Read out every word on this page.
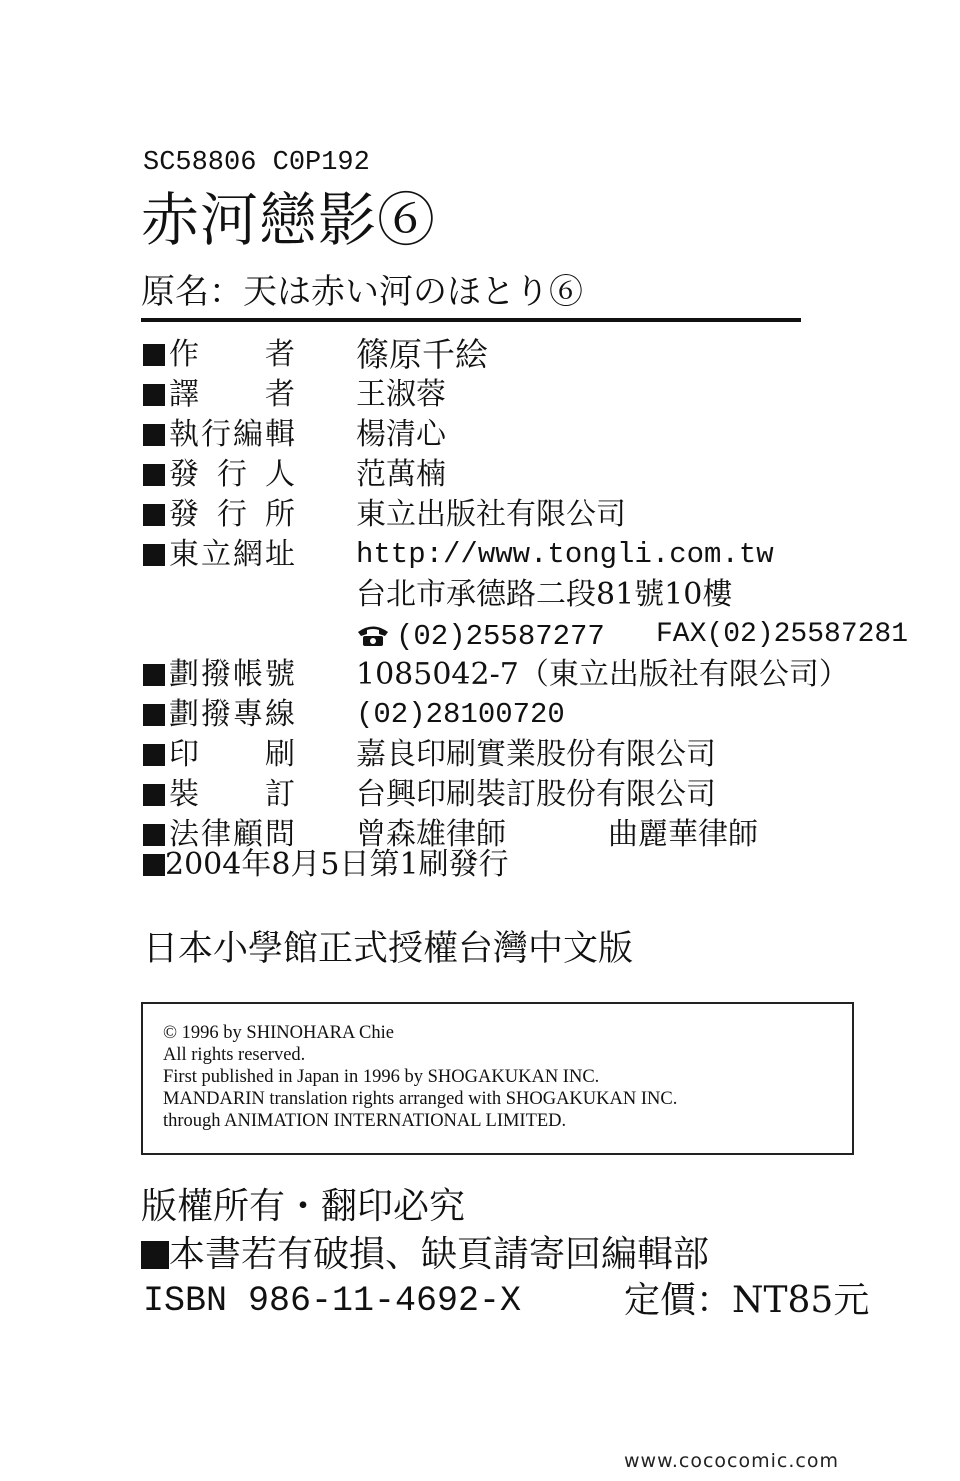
SC58806 C0P192
赤河戀影⑥
原名：天は赤い河のほとり⑥
作者 篠原千絵
譯者 王淑蓉
執行編輯 楊清心
發行人 范萬楠
發行所 東立出版社有限公司
東立網址 http://www.tongli.com.tw
台北市承德路二段81號10樓
(02)25587277 FAX(02)25587281
劃撥帳號 1085042-7（東立出版社有限公司）
劃撥專線 (02)28100720
印刷 嘉良印刷實業股份有限公司
裝訂 台興印刷裝訂股份有限公司
法律顧問 曾森雄律師	曲麗華律師
2004年8月5日第1刷發行
日本小學館正式授權台灣中文版
© 1996 by SHINOHARA Chie
All rights reserved.
First published in Japan in 1996 by SHOGAKUKAN INC.
MANDARIN translation rights arranged with SHOGAKUKAN INC.
through ANIMATION INTERNATIONAL LIMITED.
版權所有・翻印必究
本書若有破損、缺頁請寄回編輯部
ISBN 986-11-4692-X	定價：NT85元
www.cococomic.com
